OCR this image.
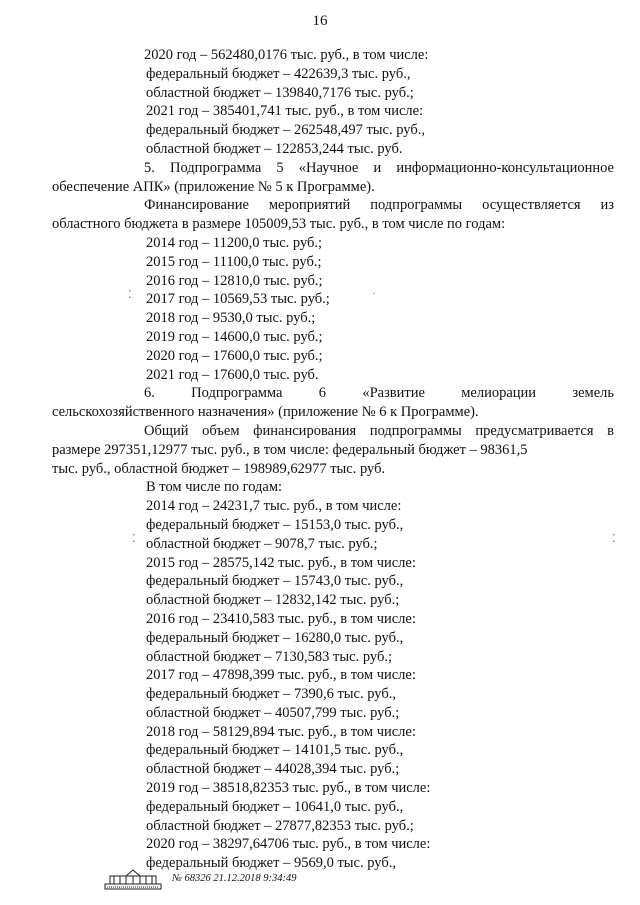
16
2020 год – 562480,0176 тыс. руб., в том числе:
федеральный бюджет – 422639,3 тыс. руб.,
областной бюджет – 139840,7176 тыс. руб.;
2021 год – 385401,741 тыс. руб., в том числе:
федеральный бюджет – 262548,497 тыс. руб.,
областной бюджет – 122853,244 тыс. руб.
5. Подпрограмма 5 «Научное и информационно-консультационное
обеспечение АПК» (приложение № 5 к Программе).
Финансирование мероприятий подпрограммы осуществляется из
областного бюджета в размере 105009,53 тыс. руб., в том числе по годам:
2014 год – 11200,0 тыс. руб.;
2015 год – 11100,0 тыс. руб.;
2016 год – 12810,0 тыс. руб.;
2017 год – 10569,53 тыс. руб.;
2018 год – 9530,0 тыс. руб.;
2019 год – 14600,0 тыс. руб.;
2020 год – 17600,0 тыс. руб.;
2021 год – 17600,0 тыс. руб.
6. Подпрограмма 6 «Развитие мелиорации земель
сельскохозяйственного назначения» (приложение № 6 к Программе).
Общий объем финансирования подпрограммы предусматривается в
размере 297351,12977 тыс. руб., в том числе: федеральный бюджет – 98361,5
тыс. руб., областной бюджет – 198989,62977 тыс. руб.
В том числе по годам:
2014 год – 24231,7 тыс. руб., в том числе:
федеральный бюджет – 15153,0 тыс. руб.,
областной бюджет – 9078,7 тыс. руб.;
2015 год – 28575,142 тыс. руб., в том числе:
федеральный бюджет – 15743,0 тыс. руб.,
областной бюджет – 12832,142 тыс. руб.;
2016 год – 23410,583 тыс. руб., в том числе:
федеральный бюджет – 16280,0 тыс. руб.,
областной бюджет – 7130,583 тыс. руб.;
2017 год – 47898,399 тыс. руб., в том числе:
федеральный бюджет – 7390,6 тыс. руб.,
областной бюджет – 40507,799 тыс. руб.;
2018 год – 58129,894 тыс. руб., в том числе:
федеральный бюджет – 14101,5 тыс. руб.,
областной бюджет – 44028,394 тыс. руб.;
2019 год – 38518,82353 тыс. руб., в том числе:
федеральный бюджет – 10641,0 тыс. руб.,
областной бюджет – 27877,82353 тыс. руб.;
2020 год – 38297,64706 тыс. руб., в том числе:
федеральный бюджет – 9569,0 тыс. руб.,
№ 68326 21.12.2018 9:34:49
⁚	·
⁚	⁚
